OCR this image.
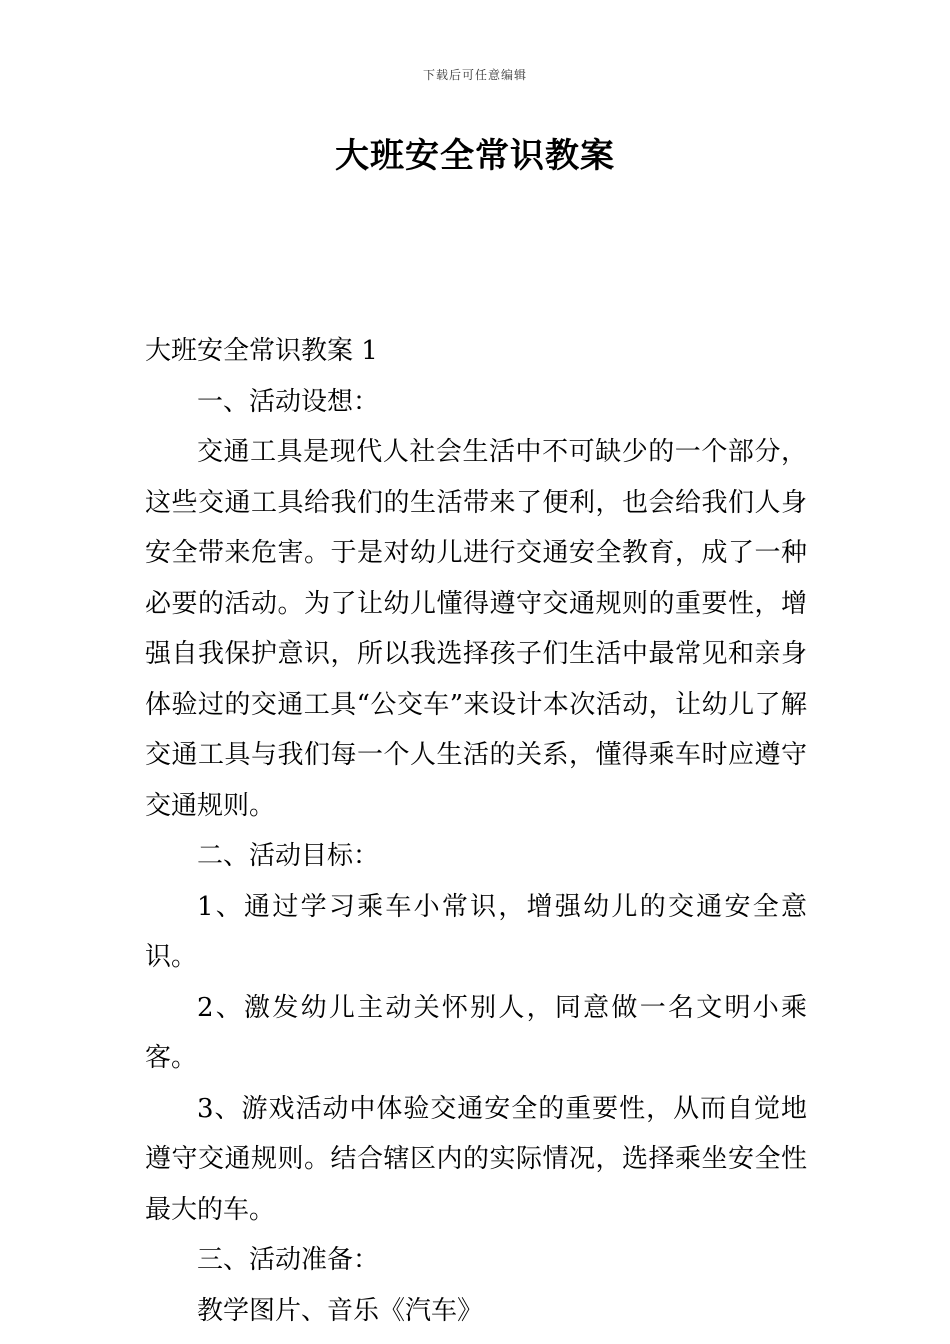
下载后可任意编辑
大班安全常识教案

大班安全常识教案 1

一、活动设想：

交通工具是现代人社会生活中不可缺少的一个部分，这些交通工具给我们的生活带来了便利，也会给我们人身安全带来危害。于是对幼儿进行交通安全教育，成了一种必要的活动。为了让幼儿懂得遵守交通规则的重要性，增强自我保护意识，所以我选择孩子们生活中最常见和亲身体验过的交通工具“公交车”来设计本次活动，让幼儿了解交通工具与我们每一个人生活的关系，懂得乘车时应遵守交通规则。

二、活动目标：

1、通过学习乘车小常识，增强幼儿的交通安全意识。

2、激发幼儿主动关怀别人，同意做一名文明小乘客。

3、游戏活动中体验交通安全的重要性，从而自觉地遵守交通规则。结合辖区内的实际情况，选择乘坐安全性最大的车。

三、活动准备：

教学图片、音乐《汽车》
